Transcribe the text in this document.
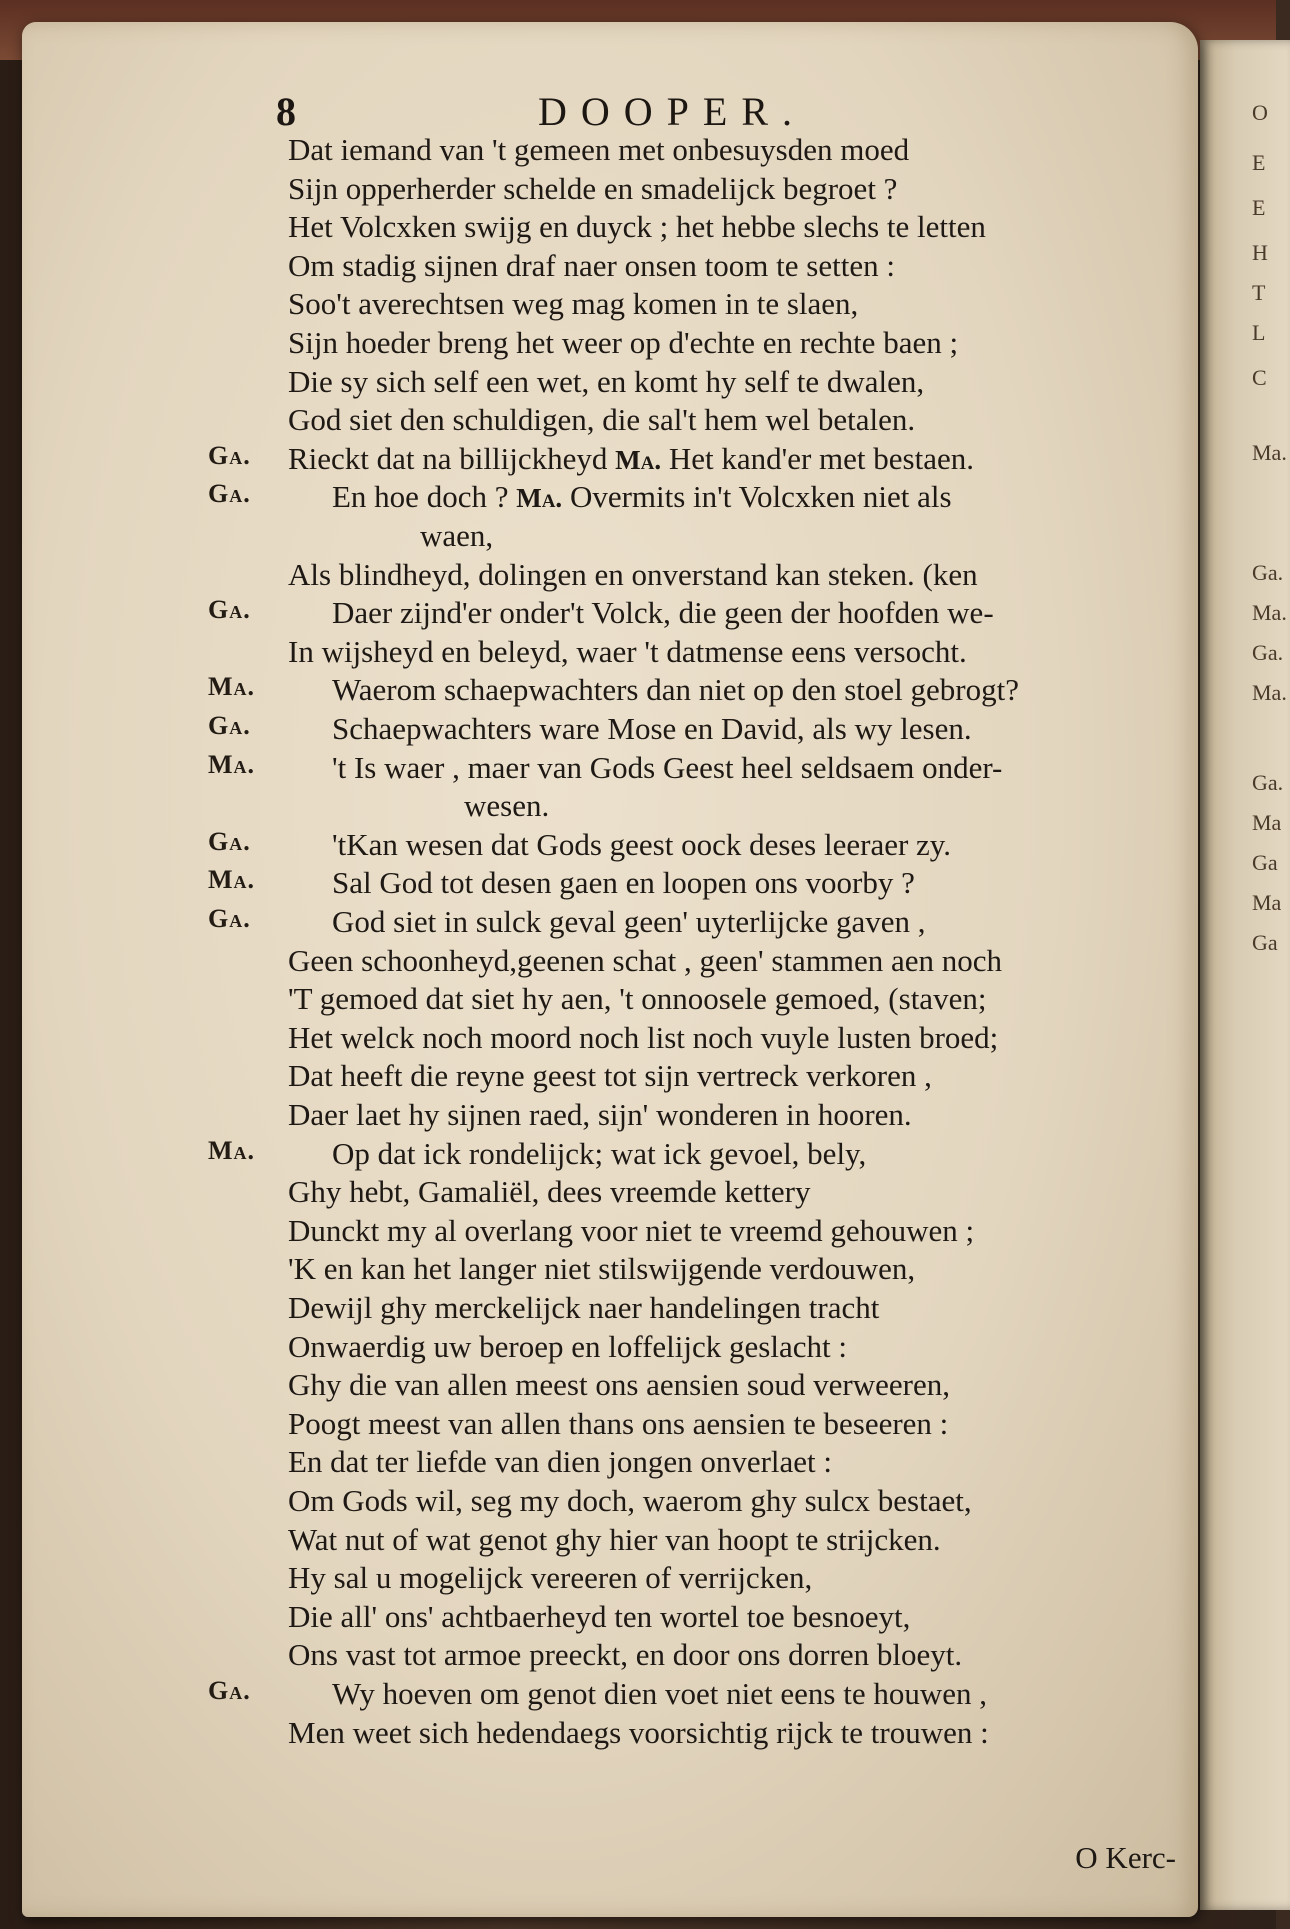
O
E
E
H
T
L
C
Ma.
Ga.
Ma.
Ga.
Ma.
Ga.
Ma
Ga
Ma
Ga
8	DOOPER.
Dat iemand van 't gemeen met onbesuysden moed
Sijn opperherder schelde en smadelijck begroet ?
Het Volcxken swijg en duyck ; het hebbe slechs te letten
Om stadig sijnen draf naer onsen toom te setten :
Soo't averechtsen weg mag komen in te slaen,
Sijn hoeder breng het weer op d'echte en rechte baen ;
Die sy sich self een wet, en komt hy self te dwalen,
God siet den schuldigen, die sal't hem wel betalen.
Ga. Rieckt dat na billijckheyd Ma. Het kand'er met bestaen.
Ga.	En hoe doch ? Ma. Overmits in't Volcxken niet als
waen,
Als blindheyd, dolingen en onverstand kan steken. (ken
Ga.	Daer zijnd'er onder't Volck, die geen der hoofden we-
In wijsheyd en beleyd, waer 't datmense eens versocht.
Ma. Waerom schaepwachters dan niet op den stoel gebrogt?
Ga.	Schaepwachters ware Mose en David, als wy lesen.
Ma. 't Is waer , maer van Gods Geest heel seldsaem onder-
wesen.
Ga.	'tKan wesen dat Gods geest oock deses leeraer zy.
Ma. Sal God tot desen gaen en loopen ons voorby ?
Ga.	God siet in sulck geval geen' uyterlijcke gaven ,
Geen schoonheyd,geenen schat , geen' stammen aen noch
'T gemoed dat siet hy aen, 't onnoosele gemoed, (staven;
Het welck noch moord noch list noch vuyle lusten broed;
Dat heeft die reyne geest tot sijn vertreck verkoren ,
Daer laet hy sijnen raed, sijn' wonderen in hooren.
Ma. Op dat ick rondelijck; wat ick gevoel, bely,
Ghy hebt, Gamaliël, dees vreemde kettery
Dunckt my al overlang voor niet te vreemd gehouwen ;
'K en kan het langer niet stilswijgende verdouwen,
Dewijl ghy merckelijck naer handelingen tracht
Onwaerdig uw beroep en loffelijck geslacht :
Ghy die van allen meest ons aensien soud verweeren,
Poogt meest van allen thans ons aensien te beseeren :
En dat ter liefde van dien jongen onverlaet :
Om Gods wil, seg my doch, waerom ghy sulcx bestaet,
Wat nut of wat genot ghy hier van hoopt te strijcken.
Hy sal u mogelijck vereeren of verrijcken,
Die all' ons' achtbaerheyd ten wortel toe besnoeyt,
Ons vast tot armoe preeckt, en door ons dorren bloeyt.
Ga.	Wy hoeven om genot dien voet niet eens te houwen ,
Men weet sich hedendaegs voorsichtig rijck te trouwen :
O Kerc-
